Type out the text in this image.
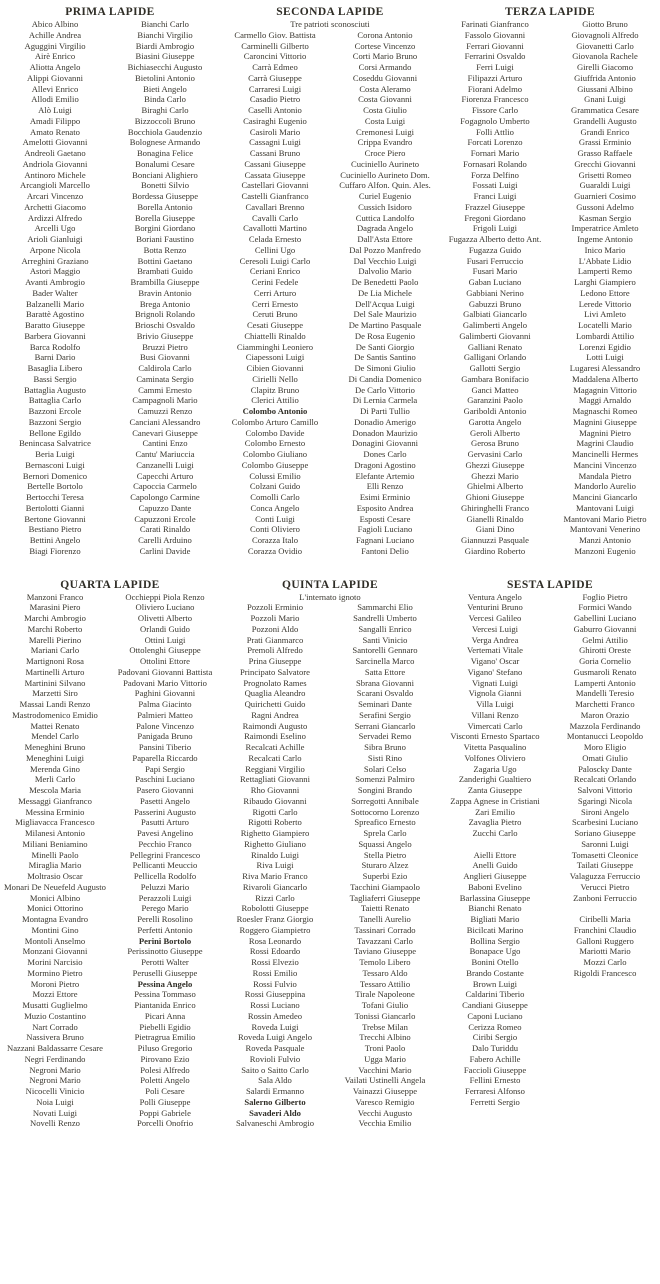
PRIMA LAPIDE
Abico Albino
Achille Andrea
Aguggini Virgilio
Airè Enrico
Aliotta Angelo
Alippi Giovanni
Allevi Enrico
Allodi Emilio
Alò Luigi
Amadi Filippo
Amato Renato
Amelotti Giovanni
Andreoli Gaetano
Andriola Giovanni
Antinoro Michele
Arcangioli Marcello
Arcari Vincenzo
Archetti Giacomo
Ardizzi Alfredo
Arcelli Ugo
Arioli Gianluigi
Arpone Nicola
Arreghini Graziano
Astori Maggio
Avanti Ambrogio
Bader Walter
Balzanelli Mario
Barattè Agostino
Baratto Giuseppe
Barbera Giovanni
Barca Rodolfo
Barni Dario
Basaglia Libero
Bassi Sergio
Battaglia Augusto
Battaglia Carlo
Bazzoni Ercole
Bazzoni Sergio
Bellone Egildo
Benincasa Salvatrice
Beria Luigi
Bernasconi Luigi
Bernori Domenico
Bertelle Bortolo
Bertocchi Teresa
Bertolotti Gianni
Bertone Giovanni
Bestiano Pietro
Bettini Angelo
Biagi Fiorenzo
Bianchi Carlo
Bianchi Virgilio
Biardi Ambrogio
Biasini Giuseppe
Bichiasecchi Augusto
Bietolini Antonio
Bieti Angelo
Binda Carlo
Biraghi Carlo
Bizzoccoli Bruno
Bocchiola Gaudenzio
Bolognese Armando
Bonagina Felice
Bonalumi Cesare
Bonciani Alighiero
Bonetti Silvio
Bordessa Giuseppe
Borella Antonio
Borella Giuseppe
Borgini Giordano
Boriani Faustino
Botta Renzo
Bottini Gaetano
Brambati Guido
Brambilla Giuseppe
Bravin Antonio
Brega Antonio
Brignoli Rolando
Brioschi Osvaldo
Brivio Giuseppe
Bruzzi Pietro
Busi Giovanni
Caldirola Carlo
Caminata Sergio
Cammi Ernesto
Campagnoli Mario
Camuzzi Renzo
Canciani Alessandro
Canevari Giuseppe
Cantini Enzo
Cantu' Mariuccia
Canzanelli Luigi
Capecchi Arturo
Capoccia Carmelo
Capolongo Carmine
Capuzzo Dante
Capuzzoni Ercole
Carati Rinaldo
Carelli Arduino
Carlini Davide
SECONDA LAPIDE
Tre patrioti sconosciuti
Carmello Giov. Battista
Carminelli Gilberto
Caroncini Vittorio
Carrà Edmeo
Carrà Giuseppe
Carraresi Luigi
Casadio Pietro
Caselli Antonio
Casiraghi Eugenio
Casiroli Mario
Cassagni Luigi
Cassani Bruno
Cassani Giuseppe
Cassata Giuseppe
Castellari Giovanni
Castelli Gianfranco
Cavallari Brenno
Cavalli Carlo
Cavallotti Martino
Celada Ernesto
Cellini Ugo
Ceresoli Luigi Carlo
Ceriani Enrico
Cerini Fedele
Cerri Arturo
Cerri Ernesto
Ceruti Bruno
Cesati Giuseppe
Chiattelli Rinaldo
Ciamminghi Leoniero
Ciapessoni Luigi
Cibien Giovanni
Cirielli Nello
Clapitz Bruno
Clerici Attilio
Colombo Antonio
Colombo Arturo Camillo
Colombo Davide
Colombo Ernesto
Colombo Giuliano
Colombo Giuseppe
Colussi Emilio
Colzani Guido
Comolli Carlo
Conca Angelo
Conti Luigi
Conti Oliviero
Corazza Italo
Corazza Ovidio
Corona Antonio
Cortese Vincenzo
Corti Mario Bruno
Corsi Armando
Coseddu Giovanni
Costa Aleramo
Costa Giovanni
Costa Giulio
Costa Luigi
Cremonesi Luigi
Crippa Evandro
Croce Piero
Cuciniello Aurineto
Cuciniello Aurineto Dom.
Cuffaro Alfon. Quin. Ales.
Curiel Eugenio
Cussich Isidoro
Cuttica Landolfo
Dagrada Angelo
Dall'Asta Ettore
Dal Pozzo Manfredo
Dal Vecchio Luigi
Dalvolio Mario
De Benedetti Paolo
De Lia Michele
Dell'Acqua Luigi
Del Sale Maurizio
De Martino Pasquale
De Rosa Eugenio
De Santi Giorgio
De Santis Santino
De Simoni Giulio
Di Candia Domenico
De Carlo Vittorio
Di Lernia Carmela
Di Parti Tullio
Donadio Amerigo
Donadon Maurizio
Donagini Giovanni
Dones Carlo
Dragoni Agostino
Elefante Artemio
Elli Renzo
Esimi Erminio
Esposito Andrea
Esposti Cesare
Fagioli Luciano
Fagnani Luciano
Fantoni Delio
TERZA LAPIDE
Farinati Gianfranco
Fassolo Giovanni
Ferrari Giovanni
Ferrarini Osvaldo
Ferri Luigi
Filipazzi Arturo
Fiorani Adelmo
Fiorenza Francesco
Fissore Carlo
Fogagnolo Umberto
Folli Attlio
Forcati Lorenzo
Fornari Mario
Fornasari Rolando
Forza Delfino
Fossati Luigi
Franci Luigi
Frazzel Giuseppe
Fregoni Giordano
Frigoli Luigi
Fugazza Alberto detto Ant.
Fugazza Guido
Fusari Ferruccio
Fusari Mario
Gaban Luciano
Gabbiani Nerino
Gabuzzi Bruno
Galbiati Giancarlo
Galimberti Angelo
Galimberti Giovanni
Galliani Renato
Galligani Orlando
Gallotti Sergio
Gambara Bonifacio
Ganci Matteo
Garanzini Paolo
Gariboldi Antonio
Garotta Angelo
Geroli Alberto
Gerosa Bruno
Gervasini Carlo
Ghezzi Giuseppe
Ghezzi Mario
Ghielmi Alberto
Ghioni Giuseppe
Ghiringhelli Franco
Gianelli Rinaldo
Giani Dino
Giannuzzi Pasquale
Giardino Roberto
Giotto Bruno
Giovagnoli Alfredo
Giovanetti Carlo
Giovanola Rachele
Girelli Giacomo
Giuffrida Antonio
Giussani Albino
Gnani Luigi
Grammatica Cesare
Grandelli Augusto
Grandi Enrico
Grassi Erminio
Grasso Raffaele
Grecchi Giovanni
Grisetti Romeo
Guaraldi Luigi
Guarnieri Cosimo
Gussoni Adelmo
Kasman Sergio
Imperatrice Amleto
Ingeme Antonio
Inico Mario
L'Abbate Lidio
Lamperti Remo
Larghi Giampiero
Ledono Ettore
Lerede Vittorio
Livi Amleto
Locatelli Mario
Lombardi Attilio
Lorenzi Egidio
Lotti Luigi
Lugaresi Alessandro
Maddalena Alberto
Magagnin Vittorio
Maggi Arnaldo
Magnaschi Romeo
Magnini Giuseppe
Magnini Pietro
Magrini Claudio
Mancinelli Hermes
Mancini Vincenzo
Mandala Pietro
Mandorlo Aurelio
Mancini Giancarlo
Mantovani Luigi
Mantovani Mario Pietro
Mantovani Venerino
Manzi Antonio
Manzoni Eugenio
QUARTA LAPIDE
Manzoni Franco
Marasini Piero
Marchi Ambrogio
Marchi Roberto
Marelli Pierino
Mariani Carlo
Martignoni Rosa
Martinelli Arturo
Martinini Silvano
Marzetti Siro
Massai Landi Renzo
Mastrodomenico Emidio
Mattei Renato
Mendel Carlo
Meneghini Bruno
Meneghini Luigi
Merenda Gino
Merli Carlo
Mescola Maria
Messaggi Gianfranco
Messina Erminio
Migliavacca Francesco
Milanesi Antonio
Miliani Beniamino
Minelli Paolo
Miraglia Mario
Moltrasio Oscar
Monari De Neuefeld Augusto
Monici Albino
Monici Ottorino
Montagna Evandro
Montini Gino
Montoli Anselmo
Monzani Giovanni
Morini Narcisio
Mormino Pietro
Moroni Pietro
Mozzi Ettore
Musatti Guglielmo
Muzio Costantino
Nart Corrado
Nassivera Bruno
Nazzani Baldassarre Cesare
Negri Ferdinando
Negroni Mario
Negroni Mario
Nicocelli Vinicio
Noia Luigi
Novati Luigi
Novelli Renzo
Occhieppi Piola Renzo
Oliviero Luciano
Olivetti Alberto
Orlandi Guido
Ottini Luigi
Ottolenghi Giuseppe
Ottolini Ettore
Padovani Giovanni Battista
Padovani Mario Vittorio
Paghini Giovanni
Palma Giacinto
Palmieri Matteo
Palone Vincenzo
Panigada Bruno
Pansini Tiberio
Paparella Riccardo
Papi Sergio
Paschini Luciano
Pasero Giovanni
Pasetti Angelo
Passerini Augusto
Pasutti Arturo
Pavesi Angelino
Pecchio Franco
Pellegrini Francesco
Pellicanti Meuccio
Pellicella Rodolfo
Peluzzi Mario
Perazzoli Luigi
Perego Mario
Perelli Rosolino
Perfetti Antonio
Perini Bortolo
Perissinotto Giuseppe
Perotti Walter
Peruselli Giuseppe
Pessina Angelo
Pessina Tommaso
Piantanida Enrico
Picari Anna
Piebelli Egidio
Pietragrua Emilio
Piluso Gregorio
Pirovano Ezio
Polesi Alfredo
Poletti Angelo
Poli Cesare
Polli Giuseppe
Poppi Gabriele
Porcelli Onofrio
QUINTA LAPIDE
L'internato ignoto
Pozzoli Erminio
Pozzoli Mario
Pozzoni Aldo
Prati Gianmarco
Premoli Alfredo
Prina Giuseppe
Principato Salvatore
Prognolato Rames
Quaglia Aleandro
Quirichetti Guido
Ragni Andrea
Raimondi Augusto
Raimondi Eselino
Recalcati Achille
Recalcati Carlo
Reggiani Virgilio
Rettagliati Giovanni
Rho Giovanni
Ribaudo Giovanni
Rigotti Carlo
Rigotti Roberto
Righetto Giampiero
Righetto Giuliano
Rinaldo Luigi
Riva Luigi
Riva Mario Franco
Rivaroli Giancarlo
Rizzi Carlo
Robolotti Giuseppe
Roesler Franz Giorgio
Roggero Giampietro
Rosa Leonardo
Rossi Edoardo
Rossi Elvezio
Rossi Emilio
Rossi Fulvio
Rossi Giuseppina
Rossi Luciano
Rossin Amedeo
Roveda Luigi
Roveda Luigi Angelo
Roveda Pasquale
Rovioli Fulvio
Saito o Saitto Carlo
Sala Aldo
Salardi Ermanno
Salerno Gilberto
Savaderi Aldo
Salvaneschi Ambrogio
Sammarchi Elio
Sandrelli Umberto
Sangalli Enrico
Santi Vinicio
Santorelli Gennaro
Sarcinella Marco
Satta Ettore
Sbrana Giovanni
Scarani Osvaldo
Seminari Dante
Serafini Sergio
Serrani Giancarlo
Servadei Remo
Sibra Bruno
Sisti Rino
Solari Celso
Somenzi Palmiro
Songini Brando
Sorregotti Annibale
Sottocorno Lorenzo
Spreafico Ernesto
Sprela Carlo
Squassi Angelo
Stella Pietro
Sturaro Alzez
Superbi Ezio
Tacchini Giampaolo
Tagliaferri Giuseppe
Taietti Renato
Tanelli Aurelio
Tassinari Corrado
Tavazzani Carlo
Taviano Giuseppe
Temolo Libero
Tessaro Aldo
Tessaro Attilio
Tirale Napoleone
Tofani Giulio
Tonissi Giancarlo
Trebse Milan
Trecchi Albino
Troni Paolo
Ugga Mario
Vacchini Mario
Vailati Ustinelli Angela
Vainazzi Giuseppe
Varesco Remigio
Vecchi Augusto
Vecchia Emilio
SESTA LAPIDE
Ventura Angelo
Venturini Bruno
Vercesi Galileo
Vercesi Luigi
Verga Andrea
Vertemati Vitale
Vigano' Oscar
Vigano' Stefano
Vignati Luigi
Vignola Gianni
Villa Luigi
Villani Renzo
Vimercati Carlo
Visconti Ernesto Spartaco
Vitetta Pasqualino
Volfones Oliviero
Zagaria Ugo
Zanderighi Gualtiero
Zanta Giuseppe
Zappa Agnese in Cristiani
Zari Emilio
Zavaglia Pietro
Zucchi Carlo

Aielli Ettore
Anelli Guido
Anglieri Giuseppe
Baboni Evelino
Barlassina Giuseppe
Bianchi Renato
Bigliati Mario
Bicilcati Marino
Bollina Sergio
Bonapace Ugo
Bonini Otello
Brando Costante
Brown Luigi
Caldarini Tiberio
Candiani Giuseppe
Caponi Luciano
Cerizza Romeo
Ciribi Sergio
Dalo Turiddu
Fabero Achille
Faccioli Giuseppe
Fellini Ernesto
Ferraresi Alfonso
Ferretti Sergio
Foglio Pietro
Formici Wando
Gabellini Luciano
Gaburro Giovanni
Gelmi Attilio
Ghirotti Oreste
Goria Cornelio
Gusmaroli Renato
Lamperti Antonio
Mandelli Teresio
Marchetti Franco
Maron Orazio
Mazzola Ferdinando
Montanucci Leopoldo
Moro Eligio
Omati Giulio
Paloscky Dante
Recalcati Orlando
Salvoni Vittorio
Sgaringi Nicola
Sironi Angelo
Scarbesini Luciano
Soriano Giuseppe
Saronni Luigi
Tomasetti Cleonice
Tailati Giuseppe
Valaguzza Ferruccio
Verucci Pietro
Zanboni Ferruccio

Ciribelli Maria
Franchini Claudio
Galloni Ruggero
Mariotti Mario
Mozzi Carlo
Rigoldi Francesco
